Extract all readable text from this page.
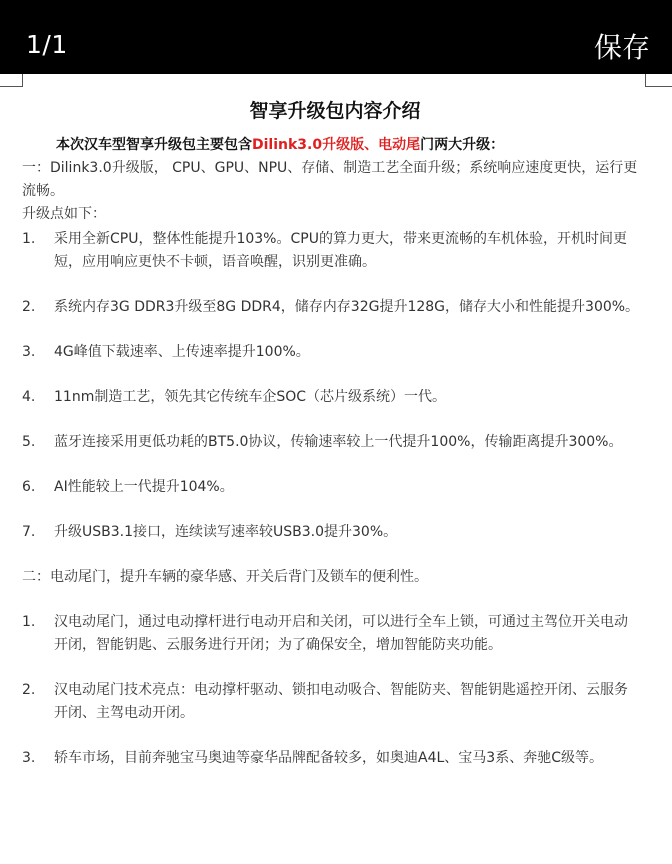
1/1	保存
智享升级包内容介绍
本次汉车型智享升级包主要包含Dilink3.0升级版、电动尾门两大升级：
一：Dilink3.0升级版， CPU、GPU、NPU、存储、制造工艺全面升级；系统响应速度更快，运行更流畅。
升级点如下：
1. 采用全新CPU，整体性能提升103%。CPU的算力更大，带来更流畅的车机体验，开机时间更短，应用响应更快不卡顿，语音唤醒，识别更准确。
2. 系统内存3G DDR3升级至8G DDR4，储存内存32G提升128G，储存大小和性能提升300%。
3. 4G峰值下载速率、上传速率提升100%。
4. 11nm制造工艺，领先其它传统车企SOC（芯片级系统）一代。
5. 蓝牙连接采用更低功耗的BT5.0协议，传输速率较上一代提升100%，传输距离提升300%。
6. AI性能较上一代提升104%。
7. 升级USB3.1接口，连续读写速率较USB3.0提升30%。
二：电动尾门，提升车辆的豪华感、开关后背门及锁车的便利性。
1. 汉电动尾门，通过电动撑杆进行电动开启和关闭，可以进行全车上锁，可通过主驾位开关电动开闭，智能钥匙、云服务进行开闭；为了确保安全，增加智能防夹功能。
2. 汉电动尾门技术亮点：电动撑杆驱动、锁扣电动吸合、智能防夹、智能钥匙遥控开闭、云服务开闭、主驾电动开闭。
3. 轿车市场，目前奔驰宝马奥迪等豪华品牌配备较多，如奥迪A4L、宝马3系、奔驰C级等。
